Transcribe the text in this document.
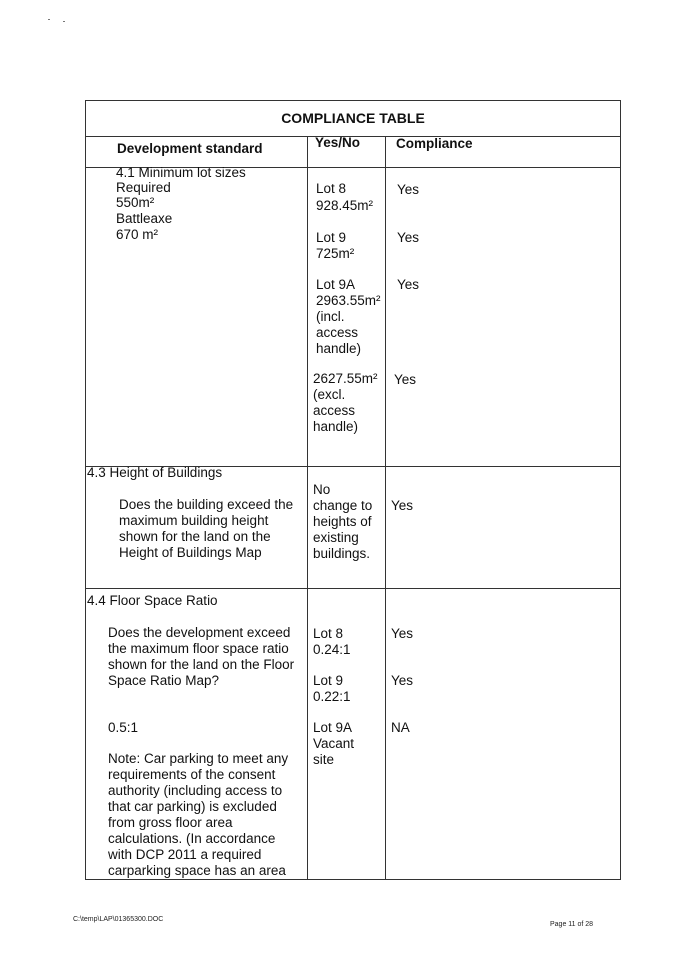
COMPLIANCE TABLE
Development standard	Yes/No	Compliance
4.1 Minimum lot sizes
Required
550m²
Battleaxe
670 m²
Lot 8
928.45m²
Yes
Lot 9
725m²
Yes
Lot 9A
2963.55m²
(incl.
access
handle)
Yes
2627.55m²
(excl.
access
handle)
Yes
4.3 Height of Buildings
Does the building exceed the
maximum building height
shown for the land on the
Height of Buildings Map
No
change to
heights of
existing
buildings.
Yes
4.4 Floor Space Ratio
Does the development exceed
the maximum floor space ratio
shown for the land on the Floor
Space Ratio Map?
0.5:1
Note: Car parking to meet any
requirements of the consent
authority (including access to
that car parking) is excluded
from gross floor area
calculations. (In accordance
with DCP 2011 a required
carparking space has an area
Lot 8
0.24:1
Yes
Lot 9
0.22:1
Yes
Lot 9A
Vacant
site
NA
C:\temp\LAP\01365300.DOC
Page 11 of 28
